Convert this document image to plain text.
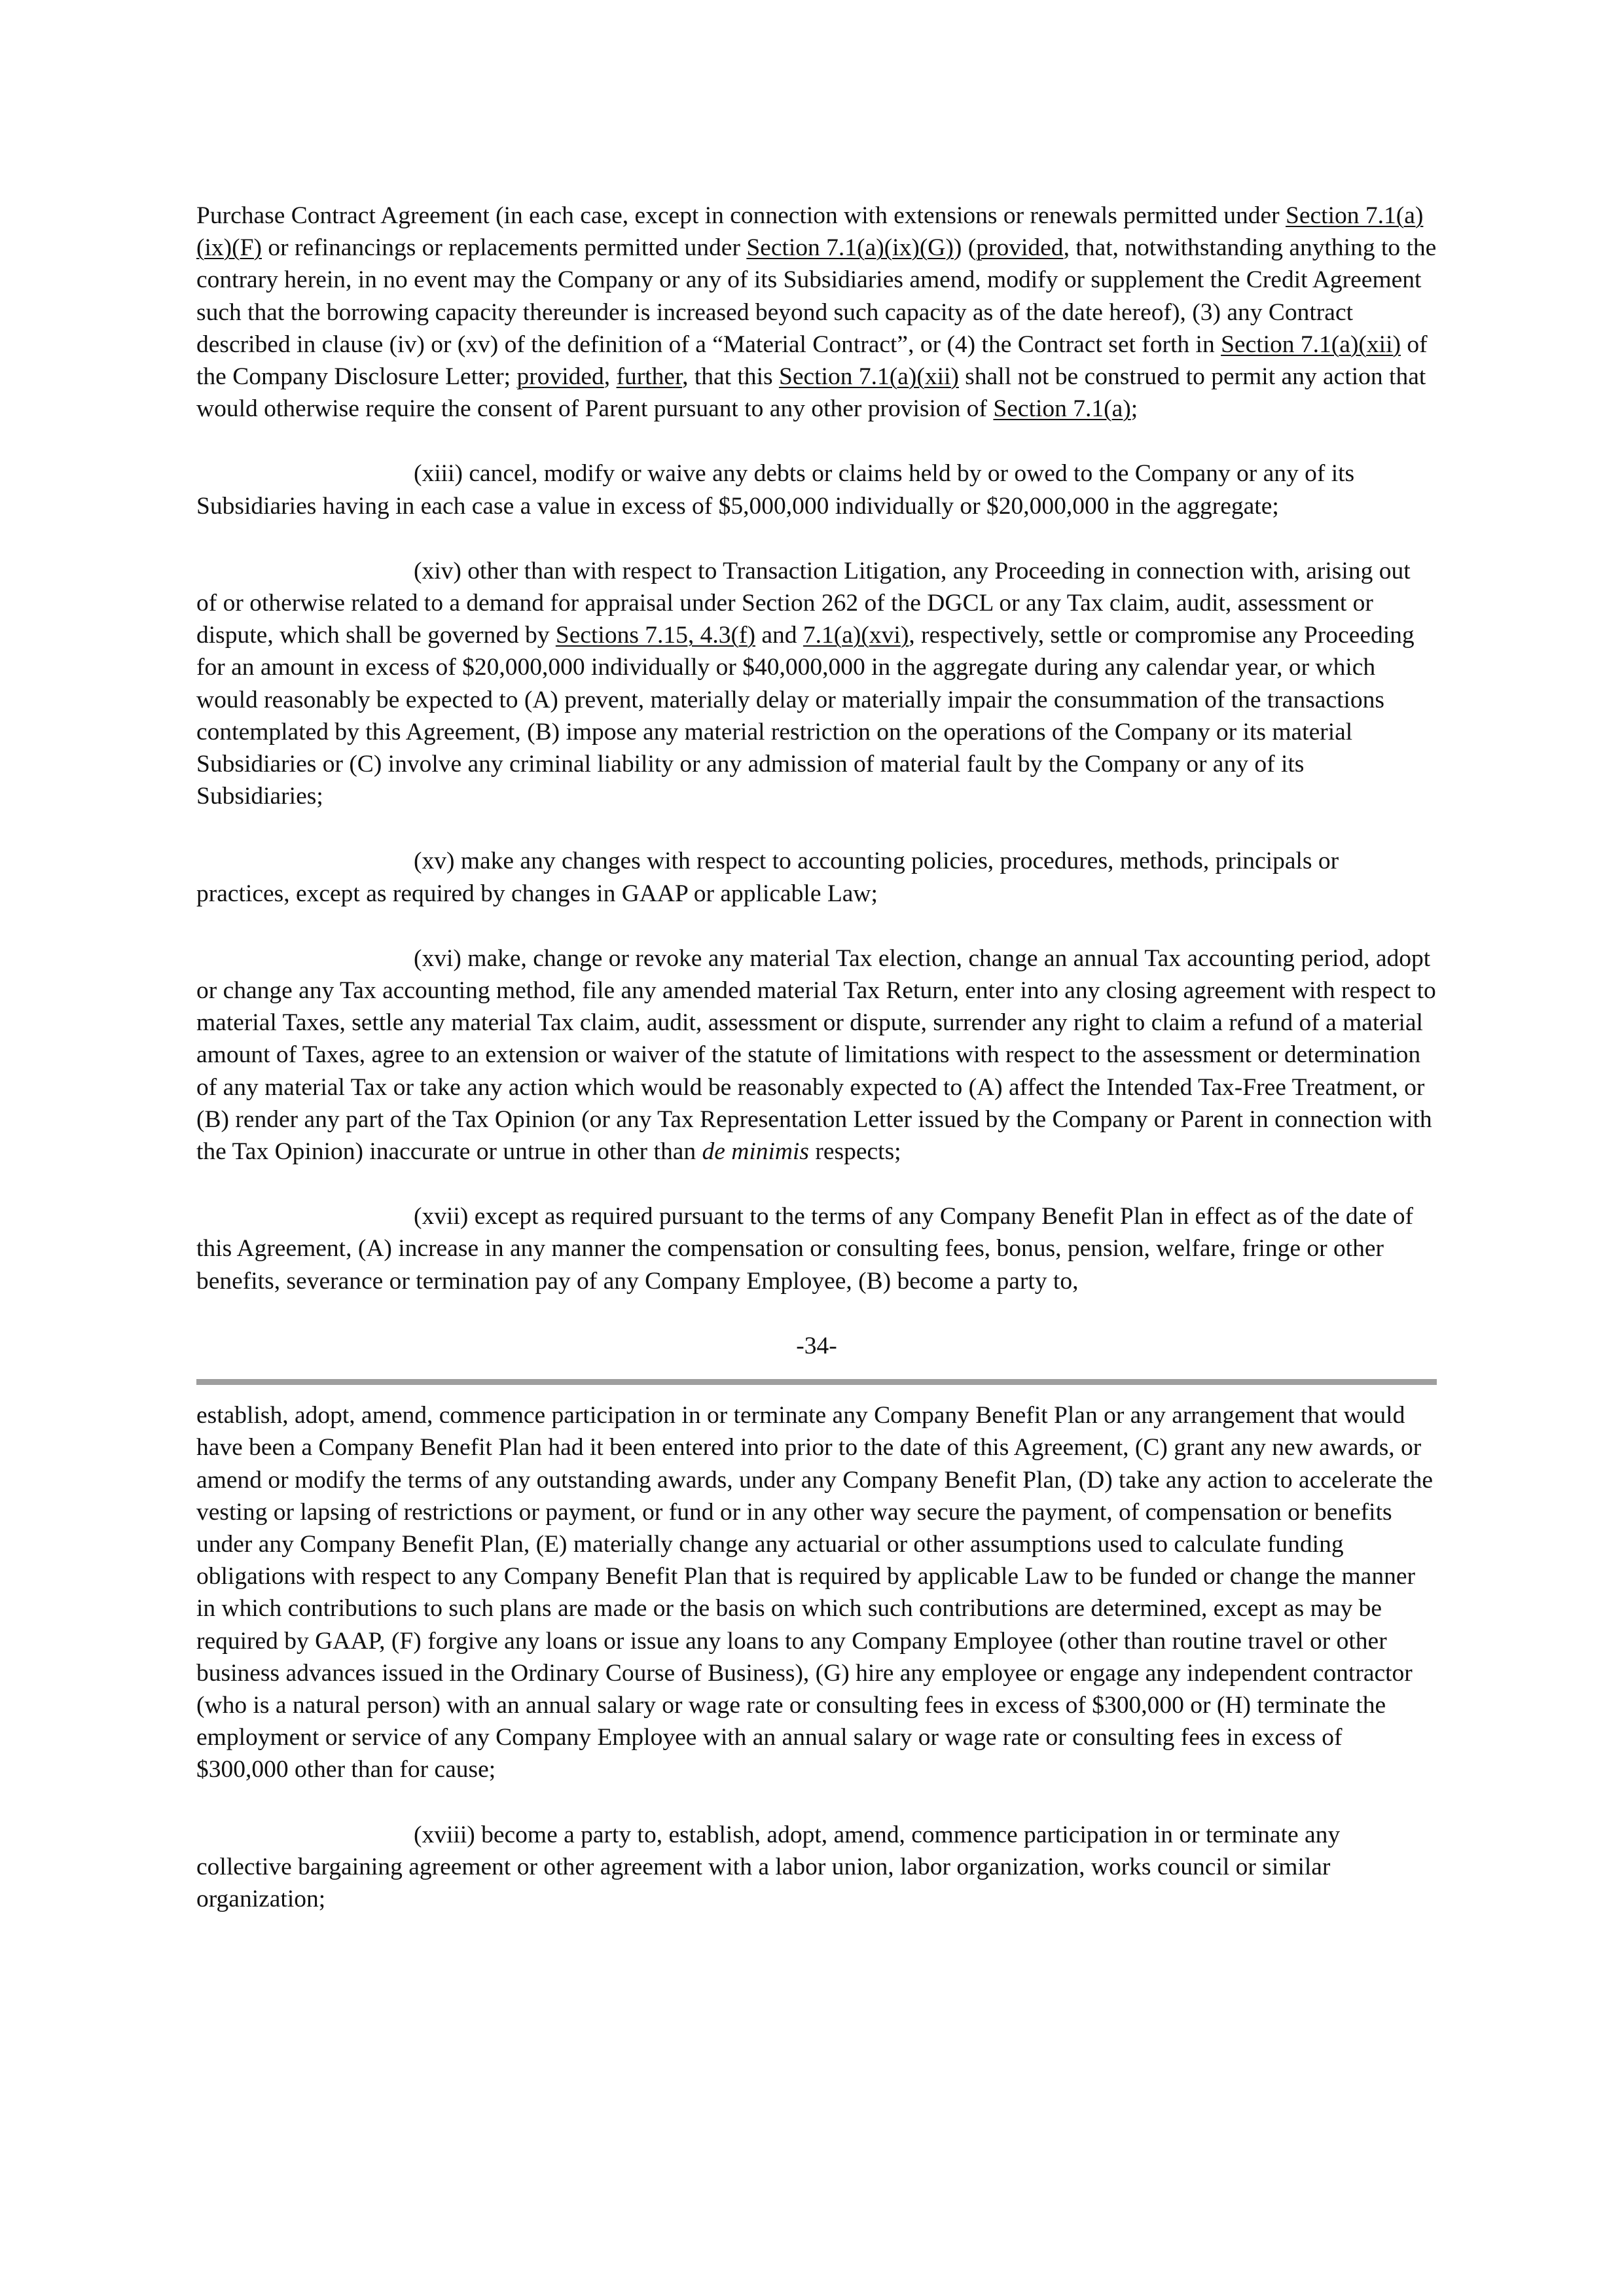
Purchase Contract Agreement (in each case, except in connection with extensions or renewals permitted under Section 7.1(a)(ix)(F) or refinancings or replacements permitted under Section 7.1(a)(ix)(G)) (provided, that, notwithstanding anything to the contrary herein, in no event may the Company or any of its Subsidiaries amend, modify or supplement the Credit Agreement such that the borrowing capacity thereunder is increased beyond such capacity as of the date hereof), (3) any Contract described in clause (iv) or (xv) of the definition of a “Material Contract”, or (4) the Contract set forth in Section 7.1(a)(xii) of the Company Disclosure Letter; provided, further, that this Section 7.1(a)(xii) shall not be construed to permit any action that would otherwise require the consent of Parent pursuant to any other provision of Section 7.1(a);

(xiii) cancel, modify or waive any debts or claims held by or owed to the Company or any of its Subsidiaries having in each case a value in excess of $5,000,000 individually or $20,000,000 in the aggregate;

(xiv) other than with respect to Transaction Litigation, any Proceeding in connection with, arising out of or otherwise related to a demand for appraisal under Section 262 of the DGCL or any Tax claim, audit, assessment or dispute, which shall be governed by Sections 7.15, 4.3(f) and 7.1(a)(xvi), respectively, settle or compromise any Proceeding for an amount in excess of $20,000,000 individually or $40,000,000 in the aggregate during any calendar year, or which would reasonably be expected to (A) prevent, materially delay or materially impair the consummation of the transactions contemplated by this Agreement, (B) impose any material restriction on the operations of the Company or its material Subsidiaries or (C) involve any criminal liability or any admission of material fault by the Company or any of its Subsidiaries;

(xv) make any changes with respect to accounting policies, procedures, methods, principals or practices, except as required by changes in GAAP or applicable Law;

(xvi) make, change or revoke any material Tax election, change an annual Tax accounting period, adopt or change any Tax accounting method, file any amended material Tax Return, enter into any closing agreement with respect to material Taxes, settle any material Tax claim, audit, assessment or dispute, surrender any right to claim a refund of a material amount of Taxes, agree to an extension or waiver of the statute of limitations with respect to the assessment or determination of any material Tax or take any action which would be reasonably expected to (A) affect the Intended Tax-Free Treatment, or (B) render any part of the Tax Opinion (or any Tax Representation Letter issued by the Company or Parent in connection with the Tax Opinion) inaccurate or untrue in other than de minimis respects;

(xvii) except as required pursuant to the terms of any Company Benefit Plan in effect as of the date of this Agreement, (A) increase in any manner the compensation or consulting fees, bonus, pension, welfare, fringe or other benefits, severance or termination pay of any Company Employee, (B) become a party to,

-34-

establish, adopt, amend, commence participation in or terminate any Company Benefit Plan or any arrangement that would have been a Company Benefit Plan had it been entered into prior to the date of this Agreement, (C) grant any new awards, or amend or modify the terms of any outstanding awards, under any Company Benefit Plan, (D) take any action to accelerate the vesting or lapsing of restrictions or payment, or fund or in any other way secure the payment, of compensation or benefits under any Company Benefit Plan, (E) materially change any actuarial or other assumptions used to calculate funding obligations with respect to any Company Benefit Plan that is required by applicable Law to be funded or change the manner in which contributions to such plans are made or the basis on which such contributions are determined, except as may be required by GAAP, (F) forgive any loans or issue any loans to any Company Employee (other than routine travel or other business advances issued in the Ordinary Course of Business), (G) hire any employee or engage any independent contractor (who is a natural person) with an annual salary or wage rate or consulting fees in excess of $300,000 or (H) terminate the employment or service of any Company Employee with an annual salary or wage rate or consulting fees in excess of $300,000 other than for cause;

(xviii) become a party to, establish, adopt, amend, commence participation in or terminate any collective bargaining agreement or other agreement with a labor union, labor organization, works council or similar organization;
